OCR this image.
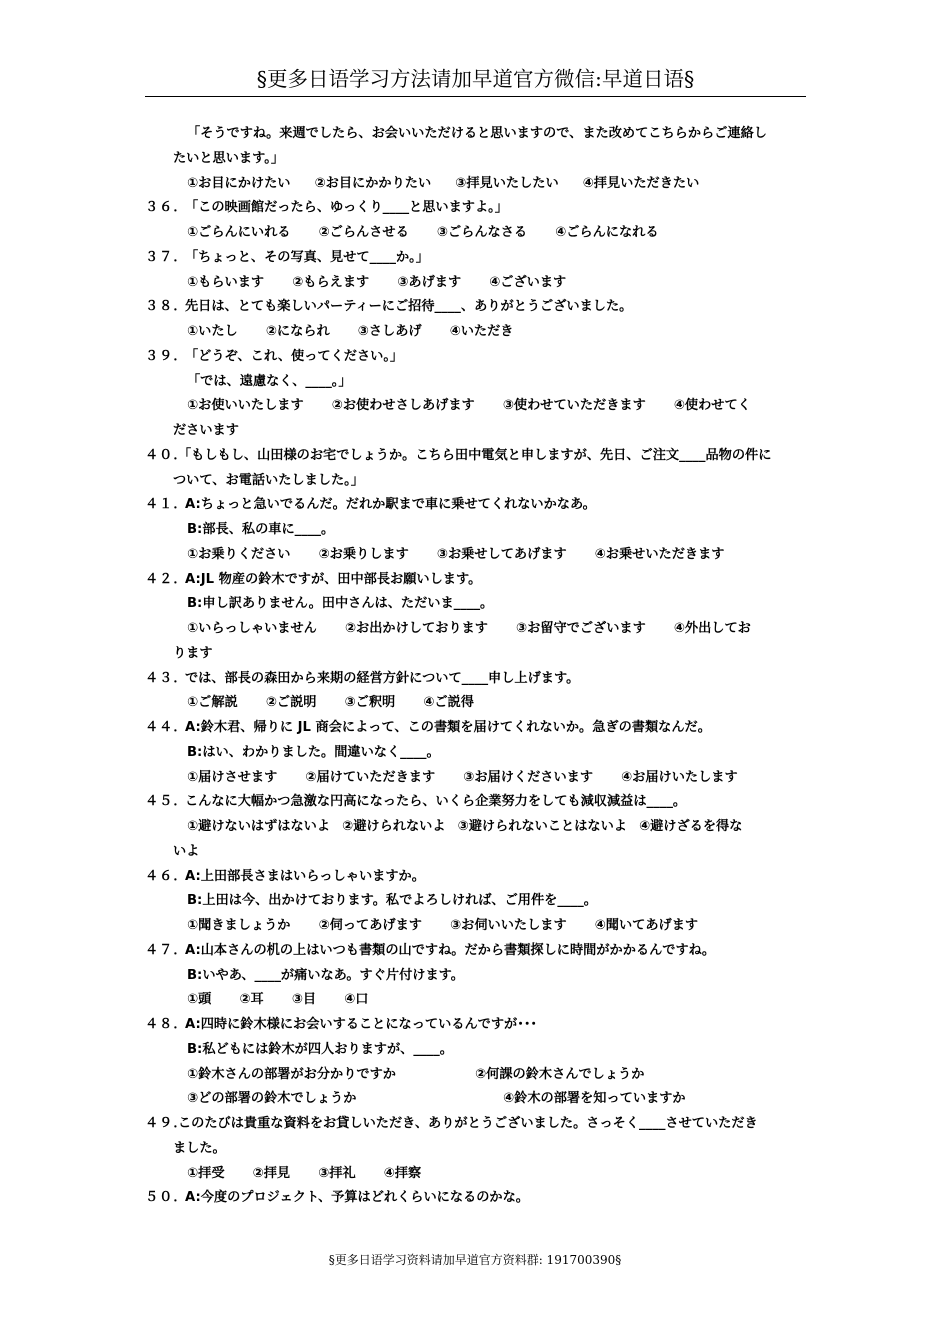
§更多日语学习方法请加早道官方微信:早道日语§
「そうですね。来週でしたら、お会いいただけると思いますので、また改めてこちらからご連絡し
たいと思います。」
①お目にかけたい ②お目にかかりたい ③拝見いたしたい ④拝見いただきたい
３６．「この映画館だったら、ゆっくり____と思いますよ。」
①ごらんにいれる ②ごらんさせる ③ごらんなさる ④ごらんになれる
３７．「ちょっと、その写真、見せて____か。」
①もらいます ②もらえます ③あげます ④ございます
３８．先日は、とても楽しいパーティーにご招待____、ありがとうございました。
①いたし ②になられ ③さしあげ ④いただき
３９．「どうぞ、これ、使ってください。」
「では、遠慮なく、____。」
①お使いいたします ②お使わせさしあげます ③使わせていただきます ④使わせてく
ださいます
４０．「もしもし、山田様のお宅でしょうか。こちら田中電気と申しますが、先日、ご注文____品物の件に
ついて、お電話いたしました。」
４１．A:ちょっと急いでるんだ。だれか駅まで車に乗せてくれないかなあ。
B:部長、私の車に____。
①お乗りください ②お乗りします ③お乗せしてあげます ④お乗せいただきます
４２．A:JL 物産の鈴木ですが、田中部長お願いします。
B:申し訳ありません。田中さんは、ただいま____。
①いらっしゃいません ②お出かけしております ③お留守でございます ④外出してお
ります
４３．では、部長の森田から来期の経営方針について____申し上げます。
①ご解説 ②ご説明 ③ご釈明 ④ご説得
４４．A:鈴木君、帰りに JL 商会によって、この書類を届けてくれないか。急ぎの書類なんだ。
B:はい、わかりました。間違いなく____。
①届けさせます ②届けていただきます ③お届けくださいます ④お届けいたします
４５．こんなに大幅かつ急激な円高になったら、いくら企業努力をしても減収減益は____。
①避けないはずはないよ ②避けられないよ ③避けられないことはないよ ④避けざるを得な
いよ
４６．A:上田部長さまはいらっしゃいますか。
B:上田は今、出かけております。私でよろしければ、ご用件を____。
①聞きましょうか ②伺ってあげます ③お伺いいたします ④聞いてあげます
４７．A:山本さんの机の上はいつも書類の山ですね。だから書類探しに時間がかかるんですね。
B:いやあ、____が痛いなあ。すぐ片付けます。
①頭 ②耳 ③目 ④口
４８．A:四時に鈴木様にお会いすることになっているんですが･･･
B:私どもには鈴木が四人おりますが、____。
①鈴木さんの部署がお分かりですか	②何課の鈴木さんでしょうか
③どの部署の鈴木でしょうか	④鈴木の部署を知っていますか
４９．このたびは貴重な資料をお貸しいただき、ありがとうございました。さっそく____させていただき
ました。
①拝受 ②拝見 ③拝礼 ④拝察
５０．A:今度のプロジェクト、予算はどれくらいになるのかな。
§更多日语学习资料请加早道官方资料群: 191700390§
